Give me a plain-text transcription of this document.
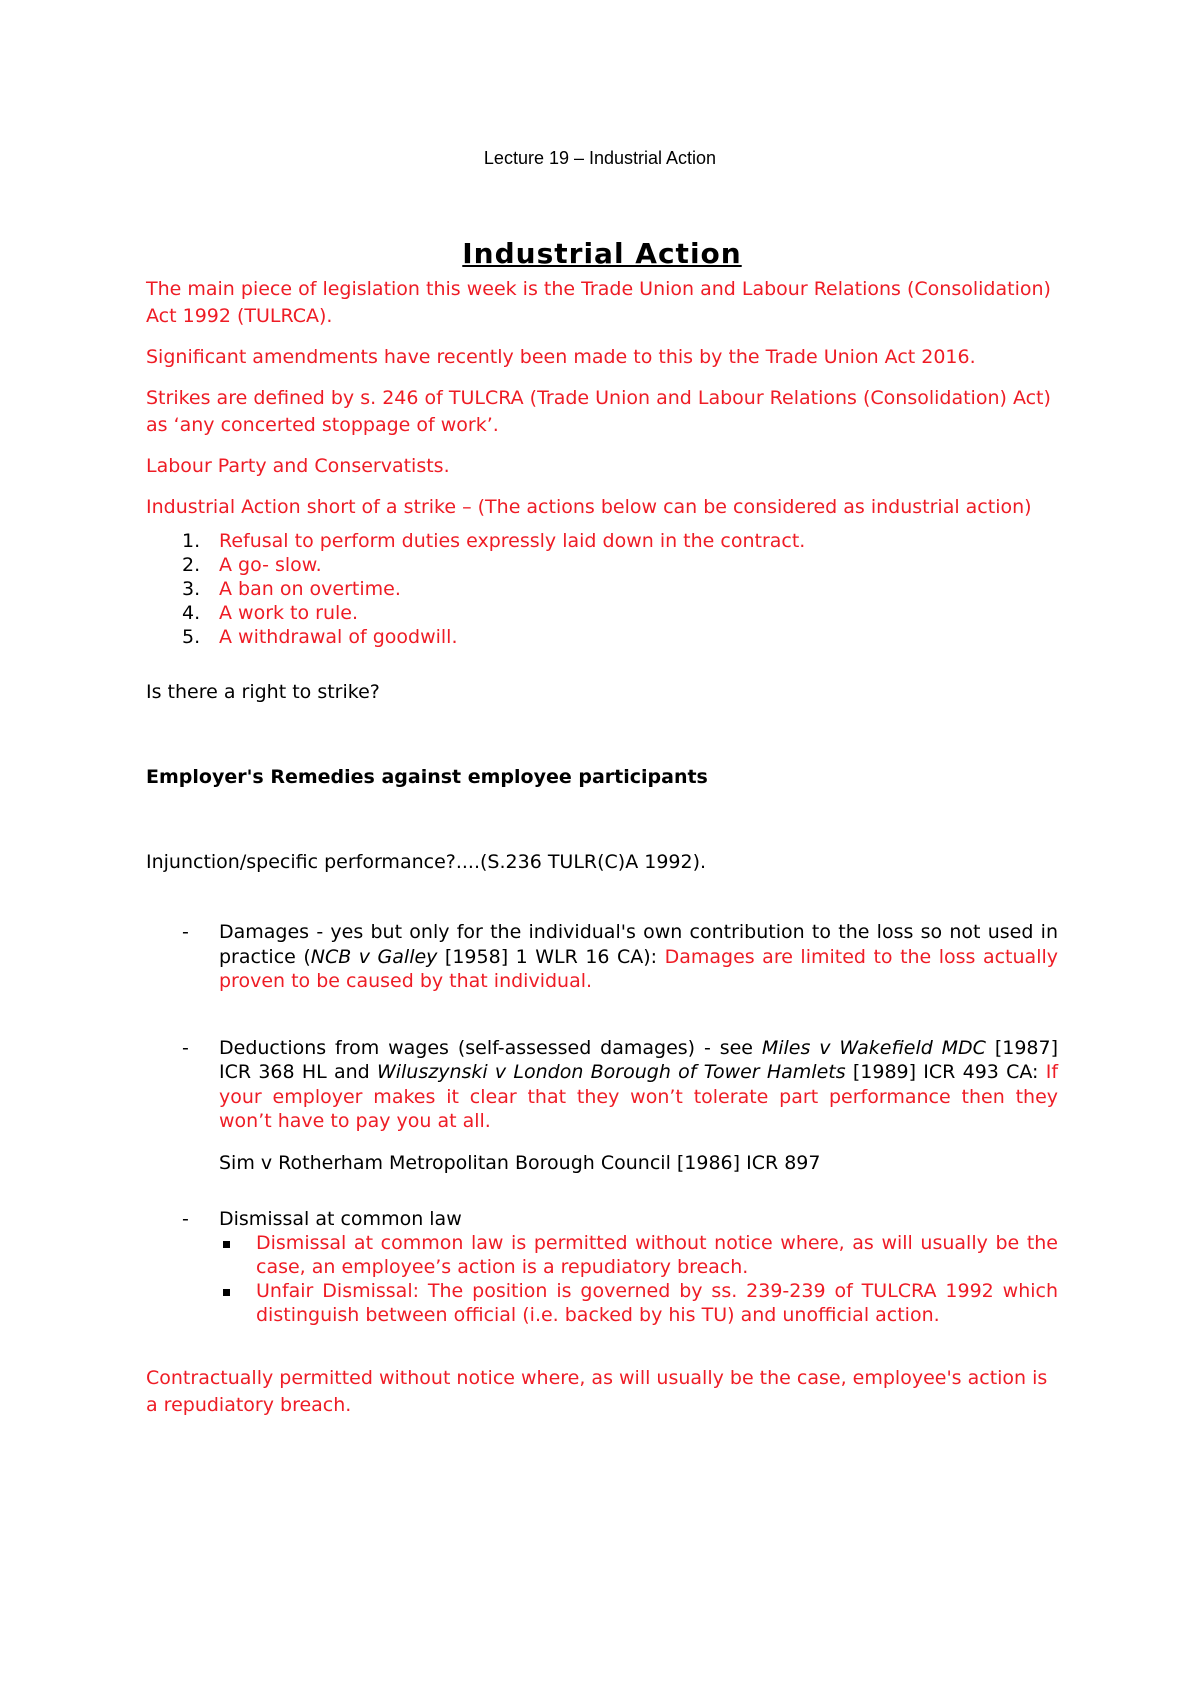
Lecture 19 – Industrial Action
Industrial Action

The main piece of legislation this week is the Trade Union and Labour Relations (Consolidation) Act 1992 (TULRCA).

Significant amendments have recently been made to this by the Trade Union Act 2016.

Strikes are defined by s. 246 of TULCRA (Trade Union and Labour Relations (Consolidation) Act) as ‘any concerted stoppage of work’.

Labour Party and Conservatists.

Industrial Action short of a strike – (The actions below can be considered as industrial action)

1. Refusal to perform duties expressly laid down in the contract.
2. A go- slow.
3. A ban on overtime.
4. A work to rule.
5. A withdrawal of goodwill.

Is there a right to strike?

Employer's Remedies against employee participants

Injunction/specific performance?....(S.236 TULR(C)A 1992).

- Damages - yes but only for the individual's own contribution to the loss so not used in practice (NCB v Galley [1958] 1 WLR 16 CA): Damages are limited to the loss actually proven to be caused by that individual.
- Deductions from wages (self-assessed damages) - see Miles v Wakefield MDC [1987] ICR 368 HL and Wiluszynski v London Borough of Tower Hamlets [1989] ICR 493 CA: If your employer makes it clear that they won’t tolerate part performance then they won’t have to pay you at all.
Sim v Rotherham Metropolitan Borough Council [1986] ICR 897
- Dismissal at common law
Dismissal at common law is permitted without notice where, as will usually be the case, an employee’s action is a repudiatory breach.
Unfair Dismissal: The position is governed by ss. 239-239 of TULCRA 1992 which distinguish between official (i.e. backed by his TU) and unofficial action.

Contractually permitted without notice where, as will usually be the case, employee's action is a repudiatory breach.
